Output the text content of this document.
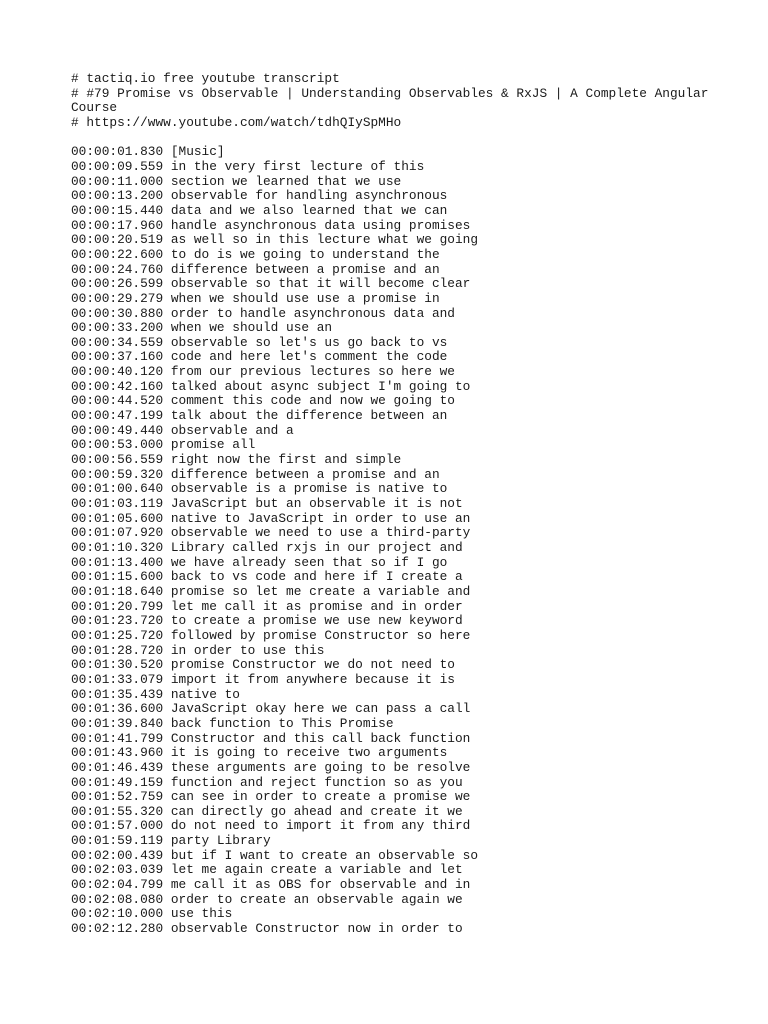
# tactiq.io free youtube transcript
# #79 Promise vs Observable | Understanding Observables & RxJS | A Complete Angular Course
# https://www.youtube.com/watch/tdhQIySpMHo
00:00:01.830 [Music]
00:00:09.559 in the very first lecture of this
00:00:11.000 section we learned that we use
00:00:13.200 observable for handling asynchronous
00:00:15.440 data and we also learned that we can
00:00:17.960 handle asynchronous data using promises
00:00:20.519 as well so in this lecture what we going
00:00:22.600 to do is we going to understand the
00:00:24.760 difference between a promise and an
00:00:26.599 observable so that it will become clear
00:00:29.279 when we should use use a promise in
00:00:30.880 order to handle asynchronous data and
00:00:33.200 when we should use an
00:00:34.559 observable so let's us go back to vs
00:00:37.160 code and here let's comment the code
00:00:40.120 from our previous lectures so here we
00:00:42.160 talked about async subject I'm going to
00:00:44.520 comment this code and now we going to
00:00:47.199 talk about the difference between an
00:00:49.440 observable and a
00:00:53.000 promise all
00:00:56.559 right now the first and simple
00:00:59.320 difference between a promise and an
00:01:00.640 observable is a promise is native to
00:01:03.119 JavaScript but an observable it is not
00:01:05.600 native to JavaScript in order to use an
00:01:07.920 observable we need to use a third-party
00:01:10.320 Library called rxjs in our project and
00:01:13.400 we have already seen that so if I go
00:01:15.600 back to vs code and here if I create a
00:01:18.640 promise so let me create a variable and
00:01:20.799 let me call it as promise and in order
00:01:23.720 to create a promise we use new keyword
00:01:25.720 followed by promise Constructor so here
00:01:28.720 in order to use this
00:01:30.520 promise Constructor we do not need to
00:01:33.079 import it from anywhere because it is
00:01:35.439 native to
00:01:36.600 JavaScript okay here we can pass a call
00:01:39.840 back function to This Promise
00:01:41.799 Constructor and this call back function
00:01:43.960 it is going to receive two arguments
00:01:46.439 these arguments are going to be resolve
00:01:49.159 function and reject function so as you
00:01:52.759 can see in order to create a promise we
00:01:55.320 can directly go ahead and create it we
00:01:57.000 do not need to import it from any third
00:01:59.119 party Library
00:02:00.439 but if I want to create an observable so
00:02:03.039 let me again create a variable and let
00:02:04.799 me call it as OBS for observable and in
00:02:08.080 order to create an observable again we
00:02:10.000 use this
00:02:12.280 observable Constructor now in order to
